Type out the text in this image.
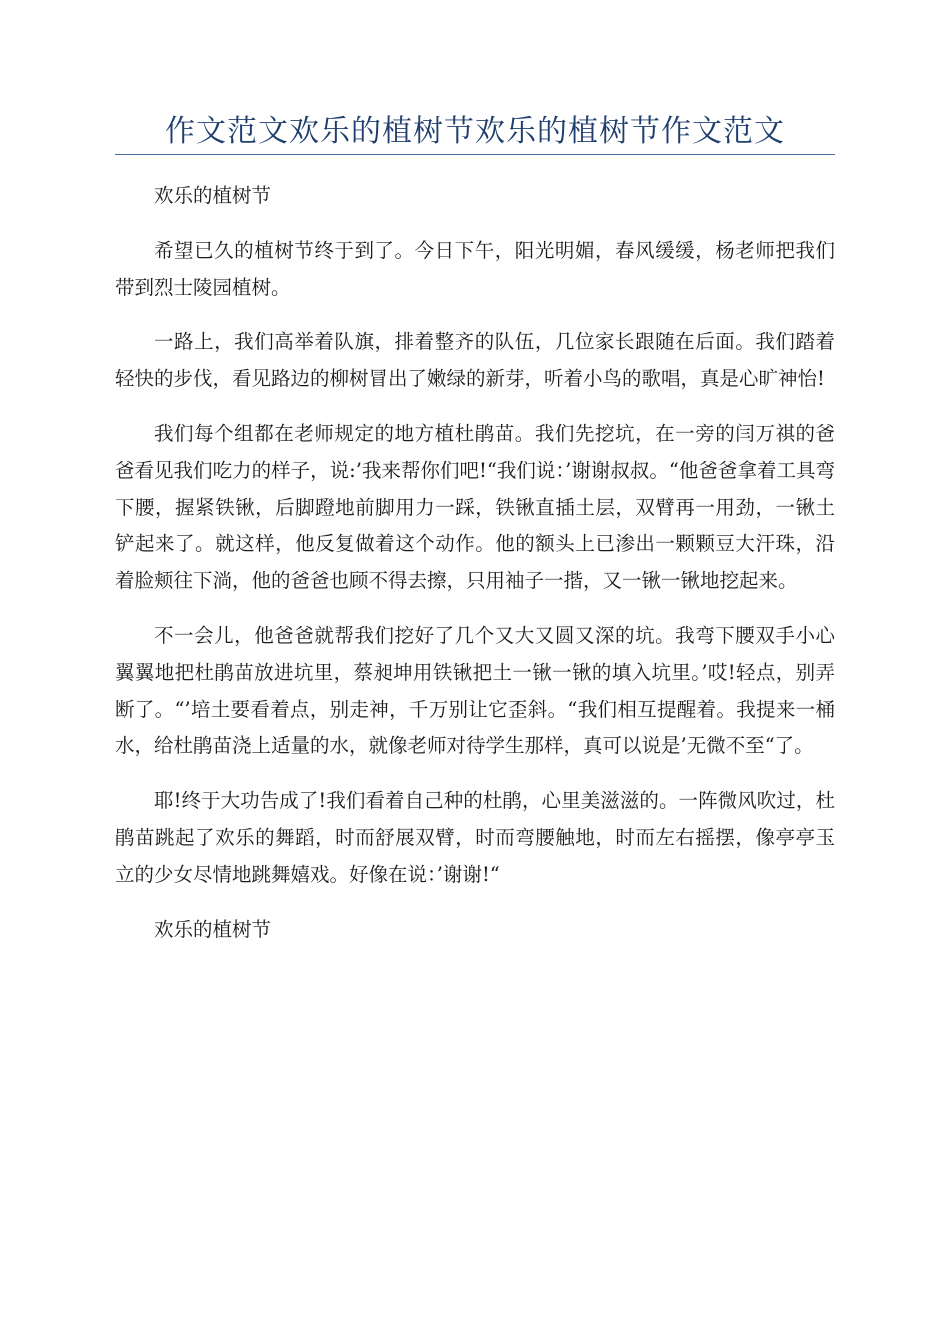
作文范文欢乐的植树节欢乐的植树节作文范文

欢乐的植树节

希望已久的植树节终于到了。今日下午，阳光明媚，春风缓缓，杨老师把我们带到烈士陵园植树。

一路上，我们高举着队旗，排着整齐的队伍，几位家长跟随在后面。我们踏着轻快的步伐，看见路边的柳树冒出了嫩绿的新芽，听着小鸟的歌唱，真是心旷神怡!

我们每个组都在老师规定的地方植杜鹃苗。我们先挖坑，在一旁的闫万祺的爸爸看见我们吃力的样子，说:’我来帮你们吧!“我们说：’谢谢叔叔。“他爸爸拿着工具弯下腰，握紧铁锹，后脚蹬地前脚用力一踩，铁锹直插土层，双臂再一用劲，一锹土铲起来了。就这样，他反复做着这个动作。他的额头上已渗出一颗颗豆大汗珠，沿着脸颊往下淌，他的爸爸也顾不得去擦，只用袖子一揩，又一锹一锹地挖起来。

不一会儿，他爸爸就帮我们挖好了几个又大又圆又深的坑。我弯下腰双手小心翼翼地把杜鹃苗放进坑里，蔡昶坤用铁锹把土一锹一锹的填入坑里。’哎!轻点，别弄断了。“’培土要看着点，别走神，千万别让它歪斜。“我们相互提醒着。我提来一桶水，给杜鹃苗浇上适量的水，就像老师对待学生那样，真可以说是’无微不至“了。

耶!终于大功告成了!我们看着自己种的杜鹃，心里美滋滋的。一阵微风吹过，杜鹃苗跳起了欢乐的舞蹈，时而舒展双臂，时而弯腰触地，时而左右摇摆，像亭亭玉立的少女尽情地跳舞嬉戏。好像在说：’谢谢!“

欢乐的植树节
